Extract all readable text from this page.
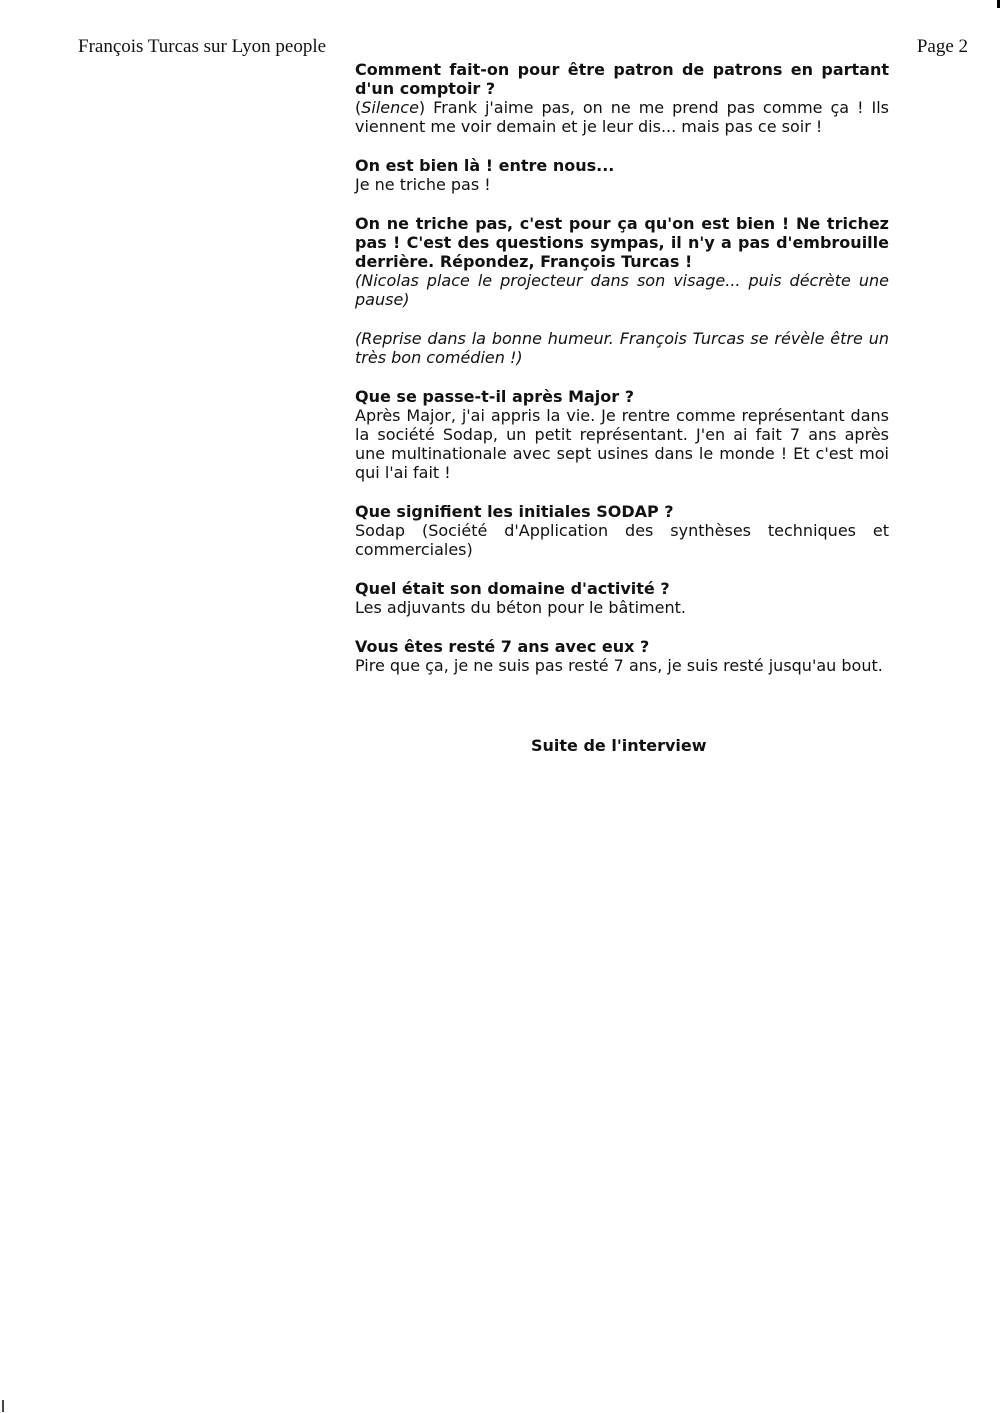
François Turcas sur Lyon people	Page 2
Comment fait-on pour être patron de patrons en partant d'un comptoir ?
(Silence) Frank j'aime pas, on ne me prend pas comme ça ! Ils viennent me voir demain et je leur dis... mais pas ce soir !
On est bien là ! entre nous...
Je ne triche pas !
On ne triche pas, c'est pour ça qu'on est bien ! Ne trichez pas ! C'est des questions sympas, il n'y a pas d'embrouille derrière. Répondez, François Turcas !
(Nicolas place le projecteur dans son visage... puis décrète une pause)
(Reprise dans la bonne humeur. François Turcas se révèle être un très bon comédien !)
Que se passe-t-il après Major ?
Après Major, j'ai appris la vie. Je rentre comme représentant dans la société Sodap, un petit représentant. J'en ai fait 7 ans après une multinationale avec sept usines dans le monde ! Et c'est moi qui l'ai fait !
Que signifient les initiales SODAP ?
Sodap (Société d'Application des synthèses techniques et commerciales)
Quel était son domaine d'activité ?
Les adjuvants du béton pour le bâtiment.
Vous êtes resté 7 ans avec eux ?
Pire que ça, je ne suis pas resté 7 ans, je suis resté jusqu'au bout.
Suite de l'interview
